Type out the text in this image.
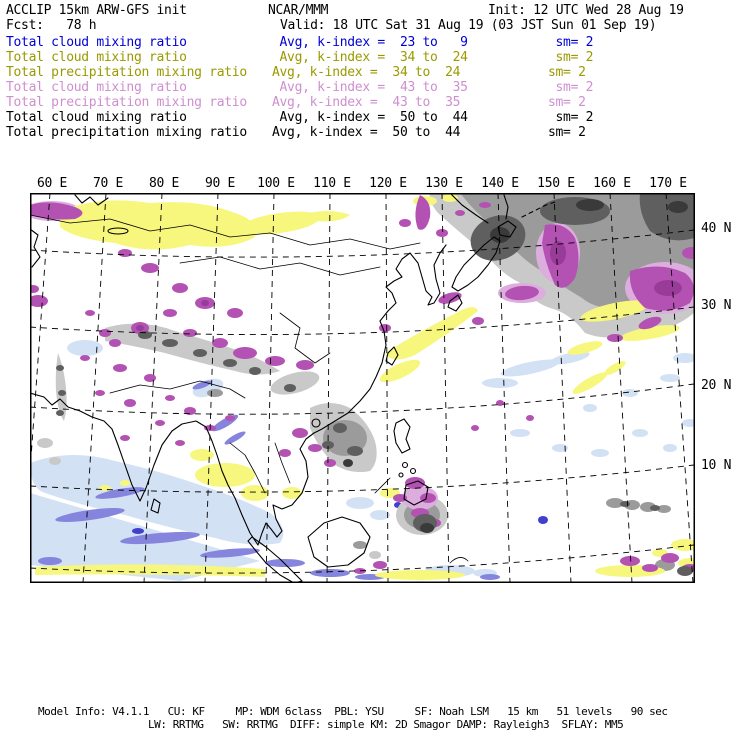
ACCLIP 15km ARW-GFS init	NCAR/MMM	Init: 12 UTC Wed 28 Aug 19
Fcst:   78 h	Valid: 18 UTC Sat 31 Aug 19 (03 JST Sun 01 Sep 19)
Total cloud mixing ratio	Avg, k-index =  23 to   9	sm= 2
Total cloud mixing ratio	Avg, k-index =  34 to  24	sm= 2
Total precipitation mixing ratio Avg, k-index =  34 to  24	sm= 2
Total cloud mixing ratio	Avg, k-index =  43 to  35	sm= 2
Total precipitation mixing ratio Avg, k-index =  43 to  35	sm= 2
Total cloud mixing ratio	Avg, k-index =  50 to  44	sm= 2
Total precipitation mixing ratio Avg, k-index =  50 to  44	sm= 2
60 E	70 E	80 E	90 E	100 E 110 E 120 E 130 E 140 E 150 E 160 E 170 E
40 N
30 N
20 N
10 N
Model Info: V4.1.1   CU: KF     MP: WDM 6class  PBL: YSU     SF: Noah LSM   15 km   51 levels   90 sec
LW: RRTMG   SW: RRTMG  DIFF: simple KM: 2D Smagor DAMP: Rayleigh3  SFLAY: MM5
